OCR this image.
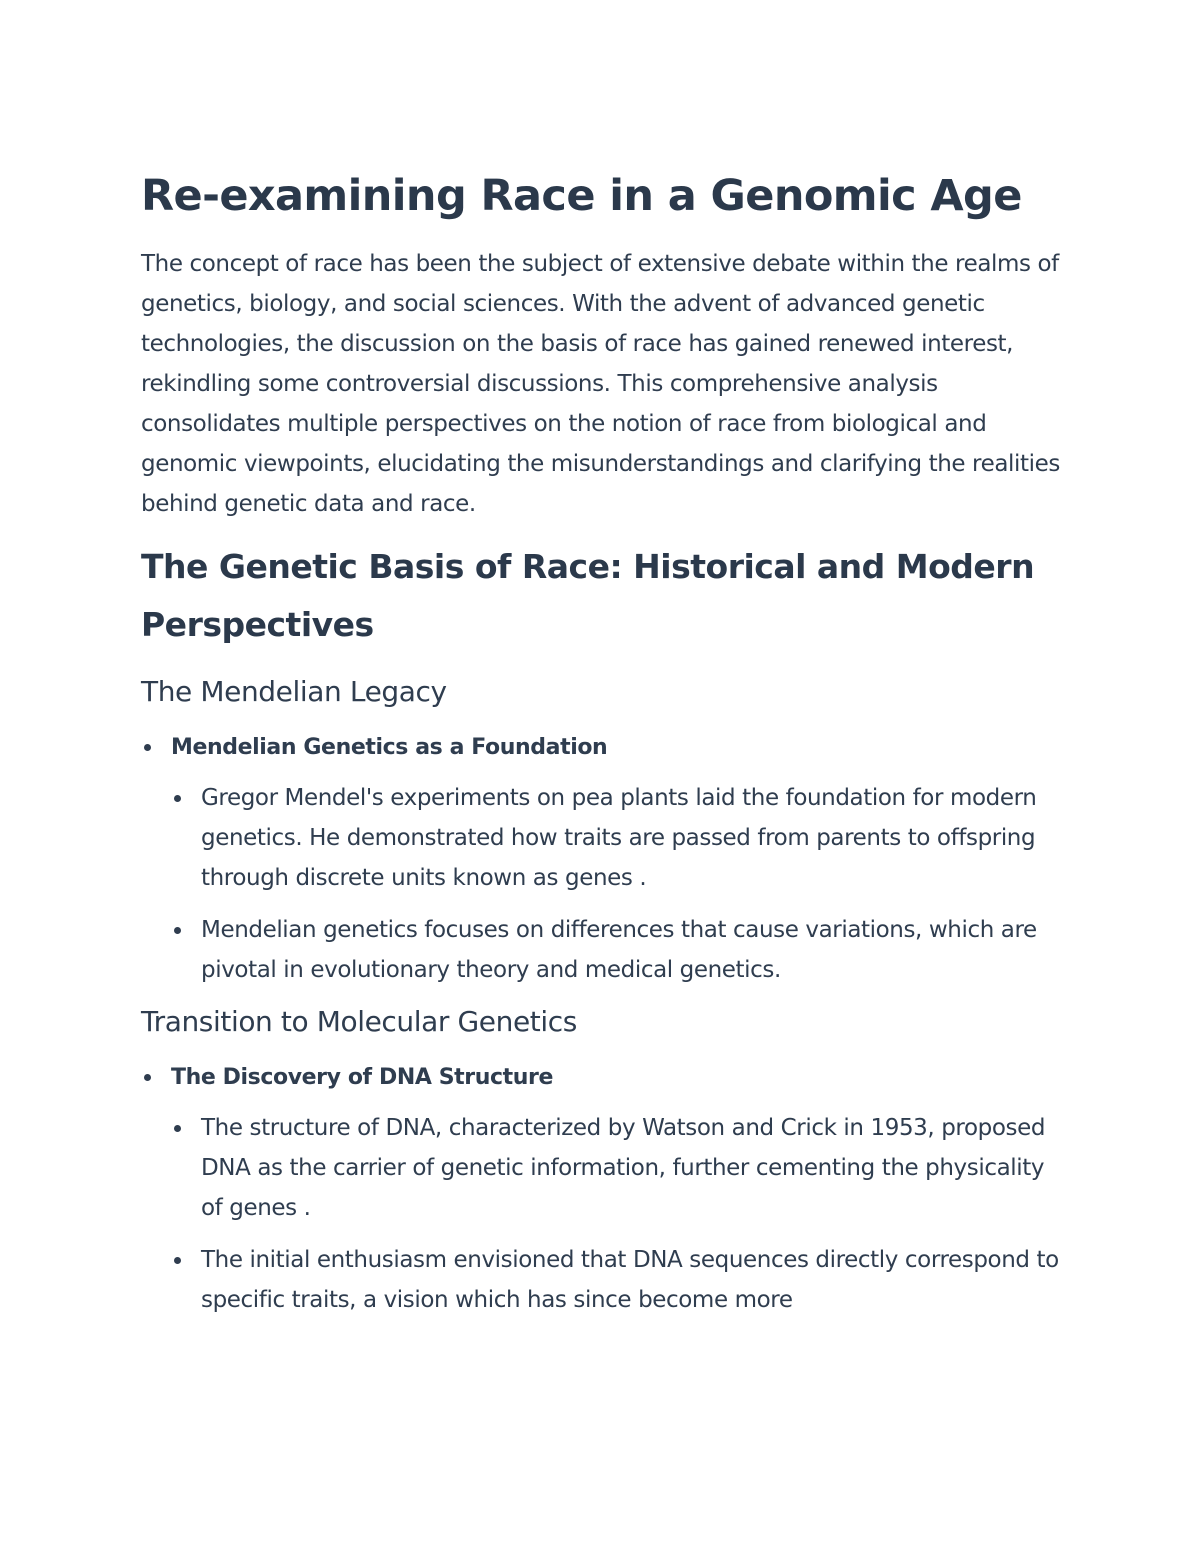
Re-examining Race in a Genomic Age

The concept of race has been the subject of extensive debate within the realms of genetics, biology, and social sciences. With the advent of advanced genetic technologies, the discussion on the basis of race has gained renewed interest, rekindling some controversial discussions. This comprehensive analysis consolidates multiple perspectives on the notion of race from biological and genomic viewpoints, elucidating the misunderstandings and clarifying the realities behind genetic data and race.

The Genetic Basis of Race: Historical and Modern Perspectives
The Mendelian Legacy
Mendelian Genetics as a Foundation
Gregor Mendel's experiments on pea plants laid the foundation for modern genetics. He demonstrated how traits are passed from parents to offspring through discrete units known as genes .
Mendelian genetics focuses on differences that cause variations, which are pivotal in evolutionary theory and medical genetics.
Transition to Molecular Genetics
The Discovery of DNA Structure
The structure of DNA, characterized by Watson and Crick in 1953, proposed DNA as the carrier of genetic information, further cementing the physicality of genes .
The initial enthusiasm envisioned that DNA sequences directly correspond to specific traits, a vision which has since become more
